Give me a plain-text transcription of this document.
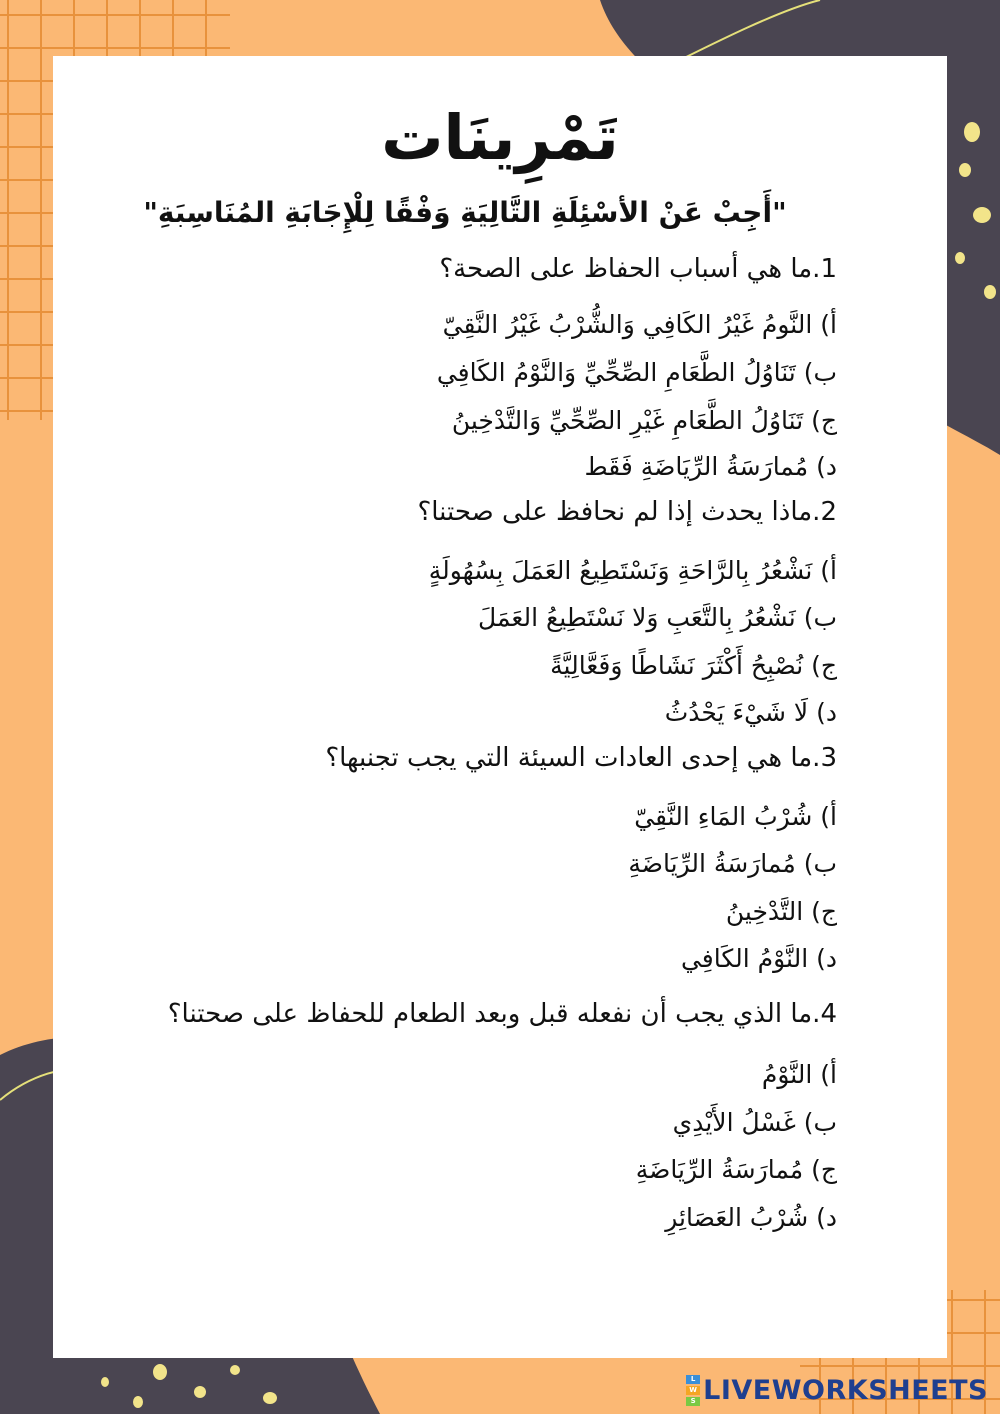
تَمْرِينَات
"أَجِبْ عَنْ الأسْئِلَةِ التَّالِيَةِ وَفْقًا لِلْإِجَابَةِ المُنَاسِبَةِ"
1.ما هي أسباب الحفاظ على الصحة؟
أ) النَّومُ غَيْرُ الكَافِي وَالشُّرْبُ غَيْرُ النَّقِيّ
ب) تَنَاوُلُ الطَّعَامِ الصِّحِّيِّ وَالنَّوْمُ الكَافِي
ج) تَنَاوُلُ الطَّعَامِ غَيْرِ الصِّحِّيِّ وَالتَّدْخِينُ
د) مُمارَسَةُ الرِّيَاضَةِ فَقَط
2.ماذا يحدث إذا لم نحافظ على صحتنا؟
أ) نَشْعُرُ بِالرَّاحَةِ وَنَسْتَطِيعُ العَمَلَ بِسُهُولَةٍ
ب) نَشْعُرُ بِالتَّعَبِ وَلا نَسْتَطِيعُ العَمَلَ
ج) نُصْبِحُ أَكْثَرَ نَشَاطًا وَفَعَّالِيَّةً
د) لَا شَيْءَ يَحْدُثُ
3.ما هي إحدى العادات السيئة التي يجب تجنبها؟
أ) شُرْبُ المَاءِ النَّقِيّ
ب) مُمارَسَةُ الرِّيَاضَةِ
ج) التَّدْخِينُ
د) النَّوْمُ الكَافِي
4.ما الذي يجب أن نفعله قبل وبعد الطعام للحفاظ على صحتنا؟
أ) النَّوْمُ
ب) غَسْلُ الأَيْدِي
ج) مُمارَسَةُ الرِّيَاضَةِ
د) شُرْبُ العَصَائِرِ
L
W
S LIVEWORKSHEETS
